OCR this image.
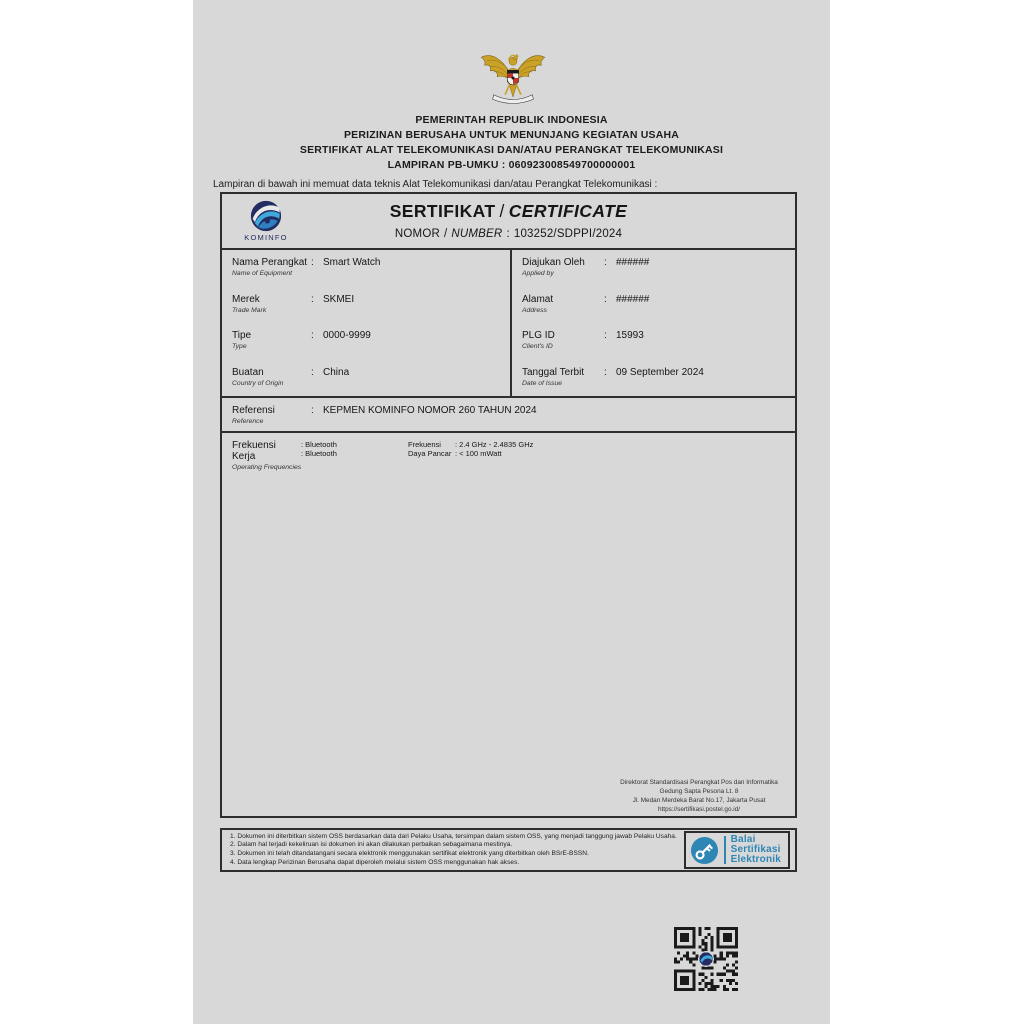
PEMERINTAH REPUBLIK INDONESIA
PERIZINAN BERUSAHA UNTUK MENUNJANG KEGIATAN USAHA
SERTIFIKAT ALAT TELEKOMUNIKASI DAN/ATAU PERANGKAT TELEKOMUNIKASI
LAMPIRAN PB-UMKU : 060923008549700000001
Lampiran di bawah ini memuat data teknis Alat Telekomunikasi dan/atau Perangkat Telekomunikasi :
KOMINFO
SERTIFIKAT / CERTIFICATE
NOMOR / NUMBER : 103252/SDPPI/2024
Nama Perangkat
Name of Equipment
: Smart Watch
Merek
Trade Mark
: SKMEI
Tipe
Type
: 0000-9999
Buatan
Country of Origin
: China
Diajukan Oleh
Applied by
: ######
Alamat
Address
: ######
PLG ID
Client's ID
: 15993
Tanggal Terbit
Date of Issue
: 09 September 2024
Referensi
Reference
: KEPMEN KOMINFO NOMOR 260 TAHUN 2024
Frekuensi Kerja
Operating Frequencies
: Bluetooth
: Bluetooth
Frekuensi	: 2.4 GHz - 2.4835 GHz
Daya Pancar : < 100 mWatt
Direktorat Standardisasi Perangkat Pos dan Informatika
Gedung Sapta Pesona Lt. 8
Jl. Medan Merdeka Barat No.17, Jakarta Pusat
https://sertifikasi.postel.go.id/
1. Dokumen ini diterbitkan sistem OSS berdasarkan data dari Pelaku Usaha, tersimpan dalam sistem OSS, yang menjadi tanggung jawab Pelaku Usaha.
2. Dalam hal terjadi kekeliruan isi dokumen ini akan dilakukan perbaikan sebagaimana mestinya.
3. Dokumen ini telah ditandatangani secara elektronik menggunakan sertifikat elektronik yang diterbitkan oleh BSrE-BSSN.
4. Data lengkap Perizinan Berusaha dapat diperoleh melalui sistem OSS menggunakan hak akses.
Balai
Sertifikasi
Elektronik
